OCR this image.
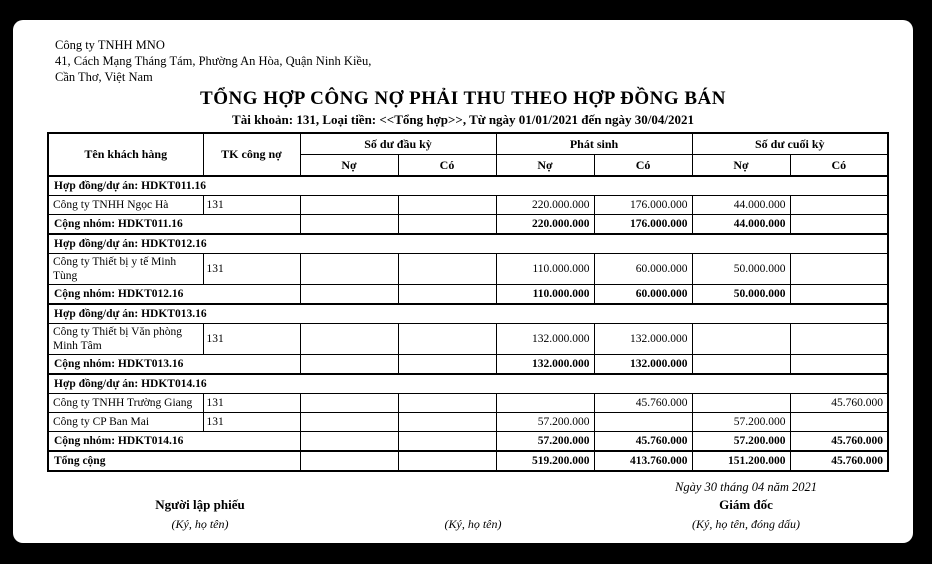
Công ty TNHH MNO
41, Cách Mạng Tháng Tám, Phường An Hòa, Quận Ninh Kiều,
Cần Thơ, Việt Nam
TỔNG HỢP CÔNG NỢ PHẢI THU THEO HỢP ĐỒNG BÁN
Tài khoản: 131, Loại tiền: <<Tổng hợp>>, Từ ngày 01/01/2021 đến ngày 30/04/2021
Tên khách hàng	TK công nợ	Số dư đầu kỳ		Phát sinh		Số dư cuối kỳ	
		Nợ	Có	Nợ	Có	Nợ	Có
Hợp đồng/dự án: HDKT011.16							
Công ty TNHH Ngọc Hà	131			220.000.000	176.000.000	44.000.000	
Cộng nhóm: HDKT011.16				220.000.000	176.000.000	44.000.000	
Hợp đồng/dự án: HDKT012.16							
Công ty Thiết bị y tế Minh Tùng	131			110.000.000	60.000.000	50.000.000	
Cộng nhóm: HDKT012.16				110.000.000	60.000.000	50.000.000	
Hợp đồng/dự án: HDKT013.16							
Công ty Thiết bị Văn phòng Minh Tâm	131			132.000.000	132.000.000		
Cộng nhóm: HDKT013.16				132.000.000	132.000.000		
Hợp đồng/dự án: HDKT014.16							
Công ty TNHH Trường Giang	131				45.760.000		45.760.000
Công ty CP Ban Mai	131			57.200.000		57.200.000	
Cộng nhóm: HDKT014.16				57.200.000	45.760.000	57.200.000	45.760.000
Tổng cộng				519.200.000	413.760.000	151.200.000	45.760.000
Người lập phiếu
(Ký, họ tên)	(Ký, họ tên)
Ngày 30 tháng 04 năm 2021
Giám đốc
(Ký, họ tên, đóng dấu)
